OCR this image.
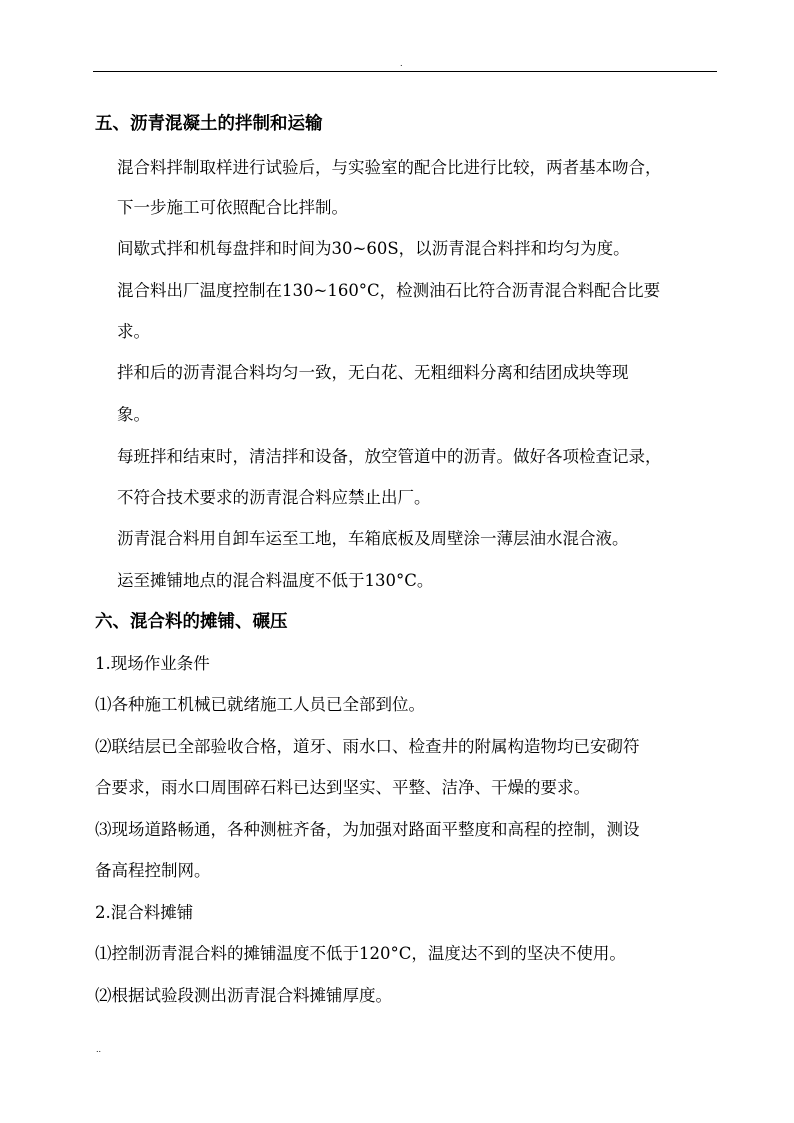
.
五、沥青混凝土的拌制和运输
混合料拌制取样进行试验后，与实验室的配合比进行比较，两者基本吻合，
下一步施工可依照配合比拌制。
间歇式拌和机每盘拌和时间为30~60S，以沥青混合料拌和均匀为度。
混合料出厂温度控制在130~160°C，检测油石比符合沥青混合料配合比要
求。
拌和后的沥青混合料均匀一致，无白花、无粗细料分离和结团成块等现
象。
每班拌和结束时，清洁拌和设备，放空管道中的沥青。做好各项检查记录，
不符合技术要求的沥青混合料应禁止出厂。
沥青混合料用自卸车运至工地，车箱底板及周壁涂一薄层油水混合液。
运至摊铺地点的混合料温度不低于130°C。
六、混合料的摊铺、碾压
1.现场作业条件
⑴各种施工机械已就绪施工人员已全部到位。
⑵联结层已全部验收合格，道牙、雨水口、检查井的附属构造物均已安砌符
合要求，雨水口周围碎石料已达到坚实、平整、洁净、干燥的要求。
⑶现场道路畅通，各种测桩齐备，为加强对路面平整度和高程的控制，测设
备高程控制网。
2.混合料摊铺
⑴控制沥青混合料的摊铺温度不低于120°C，温度达不到的坚决不使用。
⑵根据试验段测出沥青混合料摊铺厚度。
..
